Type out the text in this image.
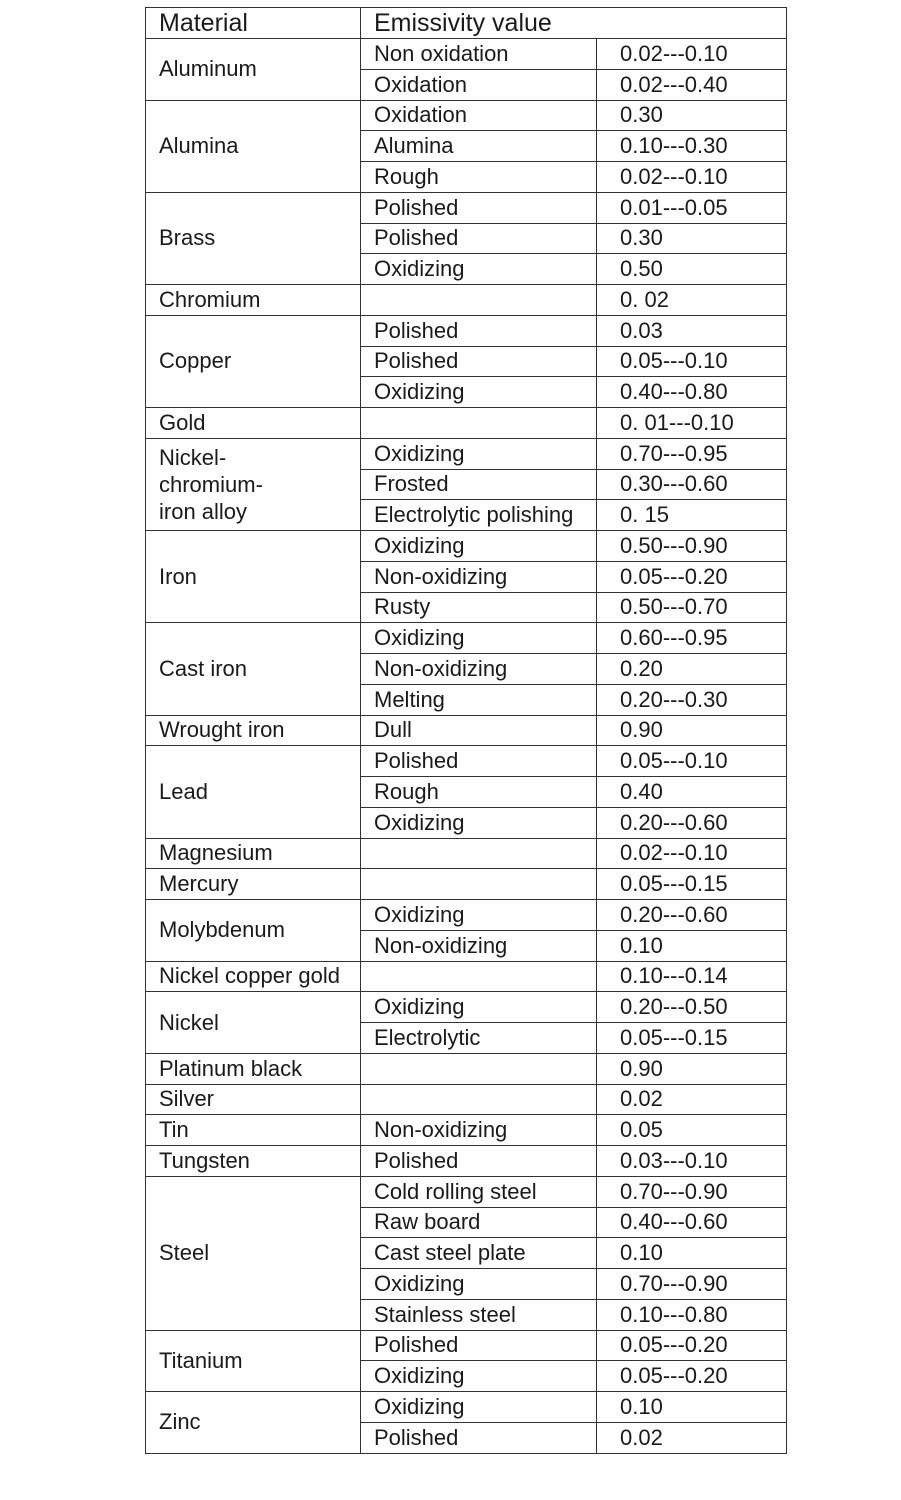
Material	Emissivity value	
Aluminum	Non oxidation	0.02---0.10
	Oxidation	0.02---0.40
Alumina	Oxidation	0.30
	Alumina	0.10---0.30
	Rough	0.02---0.10
Brass	Polished	0.01---0.05
	Polished	0.30
	Oxidizing	0.50
Chromium		0. 02
Copper	Polished	0.03
	Polished	0.05---0.10
	Oxidizing	0.40---0.80
Gold		0. 01---0.10
Nickel-
chromium-
iron alloy	Oxidizing	0.70---0.95
	Frosted	0.30---0.60
	Electrolytic polishing	0. 15
Iron	Oxidizing	0.50---0.90
	Non-oxidizing	0.05---0.20
	Rusty	0.50---0.70
Cast iron	Oxidizing	0.60---0.95
	Non-oxidizing	0.20
	Melting	0.20---0.30
Wrought iron	Dull	0.90
Lead	Polished	0.05---0.10
	Rough	0.40
	Oxidizing	0.20---0.60
Magnesium		0.02---0.10
Mercury		0.05---0.15
Molybdenum	Oxidizing	0.20---0.60
	Non-oxidizing	0.10
Nickel copper gold		0.10---0.14
Nickel	Oxidizing	0.20---0.50
	Electrolytic	0.05---0.15
Platinum black		0.90
Silver		0.02
Tin	Non-oxidizing	0.05
Tungsten	Polished	0.03---0.10
Steel	Cold rolling steel	0.70---0.90
	Raw board	0.40---0.60
	Cast steel plate	0.10
	Oxidizing	0.70---0.90
	Stainless steel	0.10---0.80
Titanium	Polished	0.05---0.20
	Oxidizing	0.05---0.20
Zinc	Oxidizing	0.10
	Polished	0.02
